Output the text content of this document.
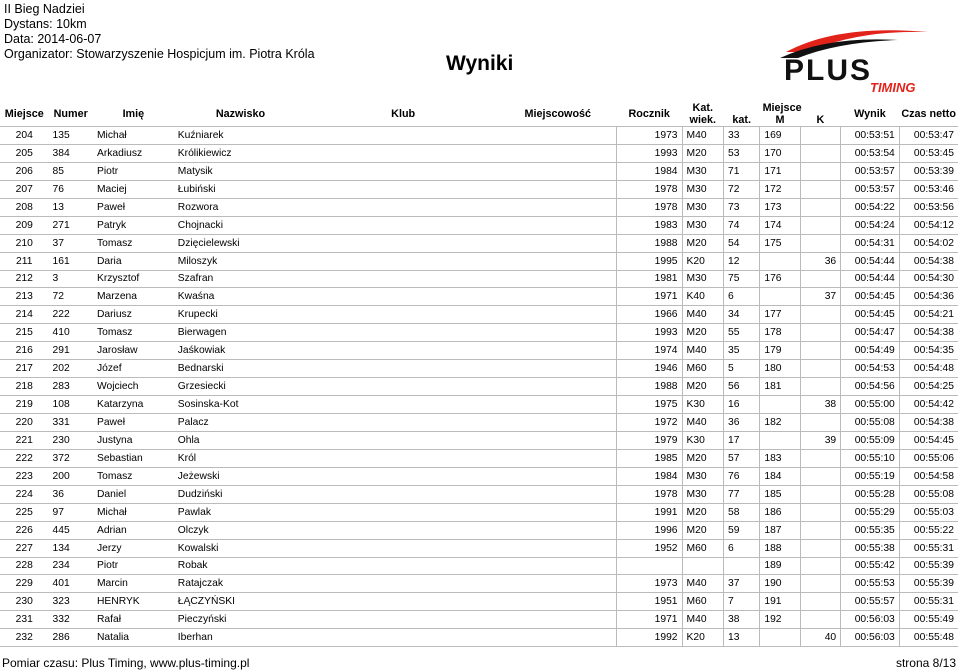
II Bieg Nadziei
Dystans: 10km
Data: 2014-06-07
Organizator: Stowarzyszenie Hospicjum im. Piotra Króla	Wyniki	PLUS
TIMING
Miejsce	Numer	Imię	Nazwisko	Klub	Miejscowość	Rocznik	Kat. wiek.	Miejsce			Wynik	Czas netto
								kat.	M	K		
204	135	Michał	Kuźniarek			1973	M40	33	169		00:53:51	00:53:47
205	384	Arkadiusz	Królikiewicz			1993	M20	53	170		00:53:54	00:53:45
206	85	Piotr	Matysik			1984	M30	71	171		00:53:57	00:53:39
207	76	Maciej	Łubiński			1978	M30	72	172		00:53:57	00:53:46
208	13	Paweł	Rozwora			1978	M30	73	173		00:54:22	00:53:56
209	271	Patryk	Chojnacki			1983	M30	74	174		00:54:24	00:54:12
210	37	Tomasz	Dzięcielewski			1988	M20	54	175		00:54:31	00:54:02
211	161	Daria	Miloszyk			1995	K20	12		36	00:54:44	00:54:38
212	3	Krzysztof	Szafran			1981	M30	75	176		00:54:44	00:54:30
213	72	Marzena	Kwaśna			1971	K40	6		37	00:54:45	00:54:36
214	222	Dariusz	Krupecki			1966	M40	34	177		00:54:45	00:54:21
215	410	Tomasz	Bierwagen			1993	M20	55	178		00:54:47	00:54:38
216	291	Jarosław	Jaśkowiak			1974	M40	35	179		00:54:49	00:54:35
217	202	Józef	Bednarski			1946	M60	5	180		00:54:53	00:54:48
218	283	Wojciech	Grzesiecki			1988	M20	56	181		00:54:56	00:54:25
219	108	Katarzyna	Sosinska-Kot			1975	K30	16		38	00:55:00	00:54:42
220	331	Paweł	Palacz			1972	M40	36	182		00:55:08	00:54:38
221	230	Justyna	Ohla			1979	K30	17		39	00:55:09	00:54:45
222	372	Sebastian	Król			1985	M20	57	183		00:55:10	00:55:06
223	200	Tomasz	Jeżewski			1984	M30	76	184		00:55:19	00:54:58
224	36	Daniel	Dudziński			1978	M30	77	185		00:55:28	00:55:08
225	97	Michał	Pawlak			1991	M20	58	186		00:55:29	00:55:03
226	445	Adrian	Olczyk			1996	M20	59	187		00:55:35	00:55:22
227	134	Jerzy	Kowalski			1952	M60	6	188		00:55:38	00:55:31
228	234	Piotr	Robak						189		00:55:42	00:55:39
229	401	Marcin	Ratajczak			1973	M40	37	190		00:55:53	00:55:39
230	323	HENRYK	ŁĄCZYŃSKI			1951	M60	7	191		00:55:57	00:55:31
231	332	Rafał	Pieczyński			1971	M40	38	192		00:56:03	00:55:49
232	286	Natalia	Iberhan			1992	K20	13		40	00:56:03	00:55:48
Pomiar czasu: Plus Timing, www.plus-timing.pl	strona 8/13
